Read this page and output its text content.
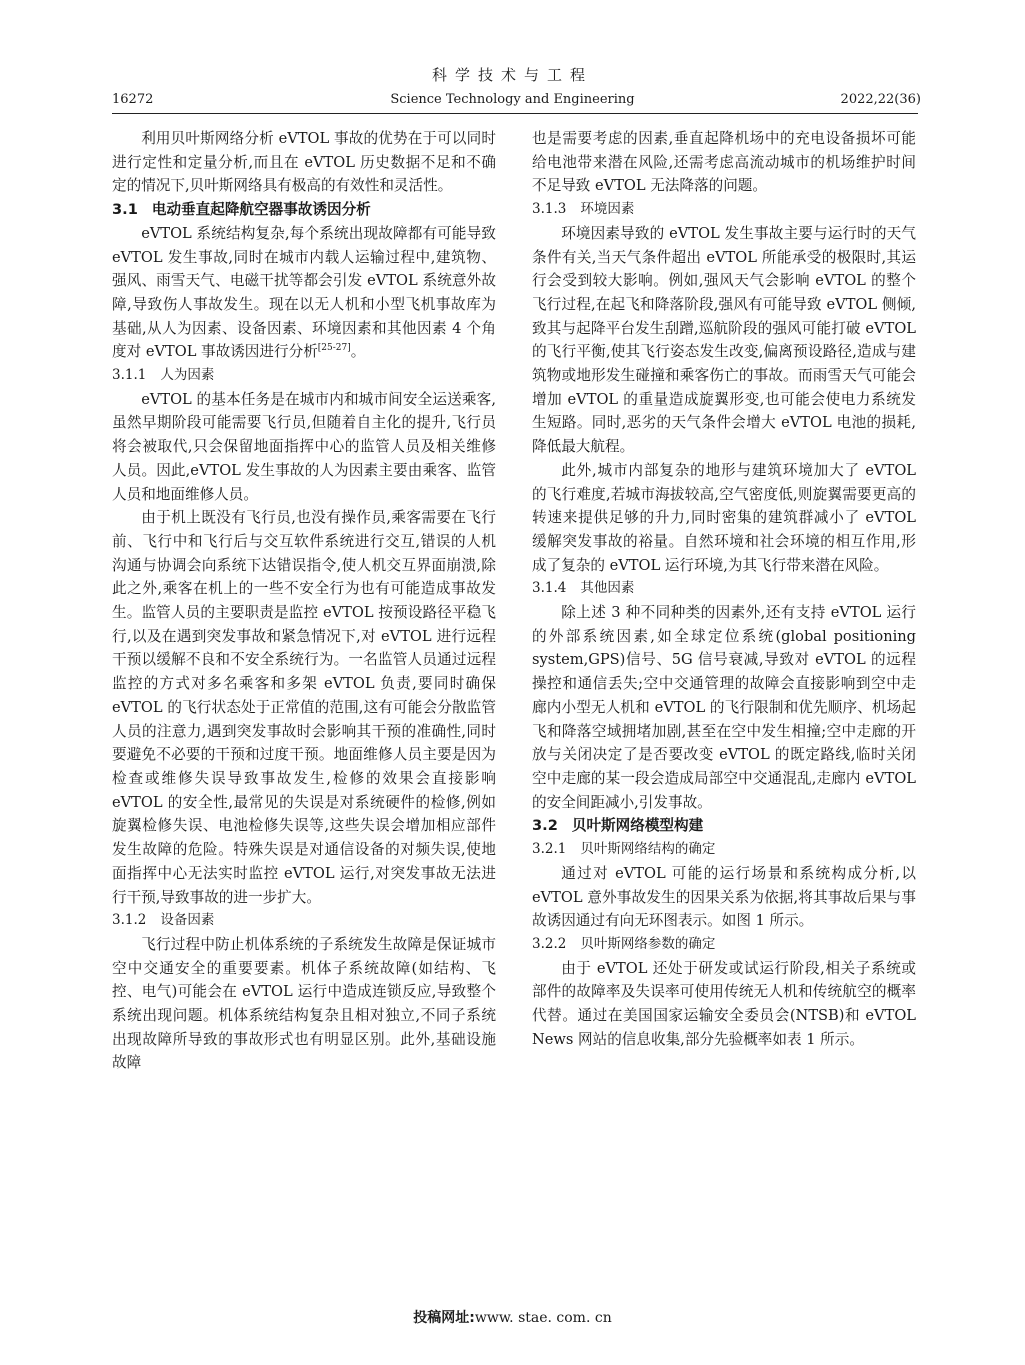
科学技术与工程
16272	Science Technology and Engineering	2022,22(36)

利用贝叶斯网络分析 eVTOL 事故的优势在于可以同时进行定性和定量分析,而且在 eVTOL 历史数据不足和不确定的情况下,贝叶斯网络具有极高的有效性和灵活性。

3.1 电动垂直起降航空器事故诱因分析

eVTOL 系统结构复杂,每个系统出现故障都有可能导致 eVTOL 发生事故,同时在城市内载人运输过程中,建筑物、强风、雨雪天气、电磁干扰等都会引发 eVTOL 系统意外故障,导致伤人事故发生。现在以无人机和小型飞机事故库为基础,从人为因素、设备因素、环境因素和其他因素 4 个角度对 eVTOL 事故诱因进行分析[25-27]。

3.1.1 人为因素

eVTOL 的基本任务是在城市内和城市间安全运送乘客,虽然早期阶段可能需要飞行员,但随着自主化的提升,飞行员将会被取代,只会保留地面指挥中心的监管人员及相关维修人员。因此,eVTOL 发生事故的人为因素主要由乘客、监管人员和地面维修人员。

由于机上既没有飞行员,也没有操作员,乘客需要在飞行前、飞行中和飞行后与交互软件系统进行交互,错误的人机沟通与协调会向系统下达错误指令,使人机交互界面崩溃,除此之外,乘客在机上的一些不安全行为也有可能造成事故发生。监管人员的主要职责是监控 eVTOL 按预设路径平稳飞行,以及在遇到突发事故和紧急情况下,对 eVTOL 进行远程干预以缓解不良和不安全系统行为。一名监管人员通过远程监控的方式对多名乘客和多架 eVTOL 负责,要同时确保 eVTOL 的飞行状态处于正常值的范围,这有可能会分散监管人员的注意力,遇到突发事故时会影响其干预的准确性,同时要避免不必要的干预和过度干预。地面维修人员主要是因为检查或维修失误导致事故发生,检修的效果会直接影响 eVTOL 的安全性,最常见的失误是对系统硬件的检修,例如旋翼检修失误、电池检修失误等,这些失误会增加相应部件发生故障的危险。特殊失误是对通信设备的对频失误,使地面指挥中心无法实时监控 eVTOL 运行,对突发事故无法进行干预,导致事故的进一步扩大。

3.1.2 设备因素

飞行过程中防止机体系统的子系统发生故障是保证城市空中交通安全的重要要素。机体子系统故障(如结构、飞控、电气)可能会在 eVTOL 运行中造成连锁反应,导致整个系统出现问题。机体系统结构复杂且相对独立,不同子系统出现故障所导致的事故形式也有明显区别。此外,基础设施故障

也是需要考虑的因素,垂直起降机场中的充电设备损坏可能给电池带来潜在风险,还需考虑高流动城市的机场维护时间不足导致 eVTOL 无法降落的问题。

3.1.3 环境因素

环境因素导致的 eVTOL 发生事故主要与运行时的天气条件有关,当天气条件超出 eVTOL 所能承受的极限时,其运行会受到较大影响。例如,强风天气会影响 eVTOL 的整个飞行过程,在起飞和降落阶段,强风有可能导致 eVTOL 侧倾,致其与起降平台发生刮蹭,巡航阶段的强风可能打破 eVTOL 的飞行平衡,使其飞行姿态发生改变,偏离预设路径,造成与建筑物或地形发生碰撞和乘客伤亡的事故。而雨雪天气可能会增加 eVTOL 的重量造成旋翼形变,也可能会使电力系统发生短路。同时,恶劣的天气条件会增大 eVTOL 电池的损耗,降低最大航程。

此外,城市内部复杂的地形与建筑环境加大了 eVTOL 的飞行难度,若城市海拔较高,空气密度低,则旋翼需要更高的转速来提供足够的升力,同时密集的建筑群减小了 eVTOL 缓解突发事故的裕量。自然环境和社会环境的相互作用,形成了复杂的 eVTOL 运行环境,为其飞行带来潜在风险。

3.1.4 其他因素

除上述 3 种不同种类的因素外,还有支持 eVTOL 运行的外部系统因素,如全球定位系统(global positioning system,GPS)信号、5G 信号衰减,导致对 eVTOL 的远程操控和通信丢失;空中交通管理的故障会直接影响到空中走廊内小型无人机和 eVTOL 的飞行限制和优先顺序、机场起飞和降落空域拥堵加剧,甚至在空中发生相撞;空中走廊的开放与关闭决定了是否要改变 eVTOL 的既定路线,临时关闭空中走廊的某一段会造成局部空中交通混乱,走廊内 eVTOL 的安全间距减小,引发事故。

3.2 贝叶斯网络模型构建
3.2.1 贝叶斯网络结构的确定

通过对 eVTOL 可能的运行场景和系统构成分析,以 eVTOL 意外事故发生的因果关系为依据,将其事故后果与事故诱因通过有向无环图表示。如图 1 所示。

3.2.2 贝叶斯网络参数的确定

由于 eVTOL 还处于研发或试运行阶段,相关子系统或部件的故障率及失误率可使用传统无人机和传统航空的概率代替。通过在美国国家运输安全委员会(NTSB)和 eVTOL News 网站的信息收集,部分先验概率如表 1 所示。

投稿网址:www. stae. com. cn
